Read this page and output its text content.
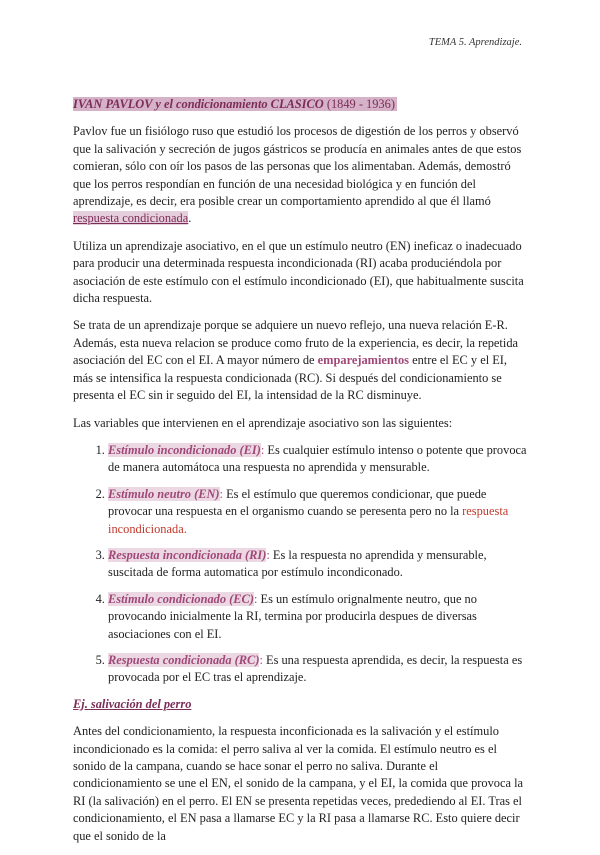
TEMA 5. Aprendizaje.
IVAN PAVLOV y el condicionamiento CLASICO (1849 - 1936)

Pavlov fue un fisiólogo ruso que estudió los procesos de digestión de los perros y observó que la salivación y secreción de jugos gástricos se producía en animales antes de que estos comieran, sólo con oír los pasos de las personas que los alimentaban. Además, demostró que los perros respondían en función de una necesidad biológica y en función del aprendizaje, es decir, era posible crear un comportamiento aprendido al que él llamó respuesta condicionada.

Utiliza un aprendizaje asociativo, en el que un estímulo neutro (EN) ineficaz o inadecuado para producir una determinada respuesta incondicionada (RI) acaba produciéndola por asociación de este estímulo con el estímulo incondicionado (EI), que habitualmente suscita dicha respuesta.

Se trata de un aprendizaje porque se adquiere un nuevo reflejo, una nueva relación E-R. Además, esta nueva relacion se produce como fruto de la experiencia, es decir, la repetida asociación del EC con el EI. A mayor número de emparejamientos entre el EC y el EI, más se intensifica la respuesta condicionada (RC). Si después del condicionamiento se presenta el EC sin ir seguido del EI, la intensidad de la RC disminuye.

Las variables que intervienen en el aprendizaje asociativo son las siguientes:

1. Estímulo incondicionado (EI): Es cualquier estímulo intenso o potente que provoca de manera automátoca una respuesta no aprendida y mensurable.
2. Estímulo neutro (EN): Es el estímulo que queremos condicionar, que puede provocar una respuesta en el organismo cuando se peresenta pero no la respuesta incondicionada.
3. Respuesta incondicionada (RI): Es la respuesta no aprendida y mensurable, suscitada de forma automatica por estímulo incondiconado.
4. Estímulo condicionado (EC): Es un estímulo orignalmente neutro, que no provocando inicialmente la RI, termina por producirla despues de diversas asociaciones con el EI.
5. Respuesta condicionada (RC): Es una respuesta aprendida, es decir, la respuesta es provocada por el EC tras el aprendizaje.
Ej. salivación del perro

Antes del condicionamiento, la respuesta inconficionada es la salivación y el estímulo incondicionado es la comida: el perro saliva al ver la comida. El estímulo neutro es el sonido de la campana, cuando se hace sonar el perro no saliva. Durante el condicionamiento se une el EN, el sonido de la campana, y el EI, la comida que provoca la RI (la salivación) en el perro. El EN se presenta repetidas veces, predediendo al EI. Tras el condicionamiento, el EN pasa a llamarse EC y la RI pasa a llamarse RC. Esto quiere decir que el sonido de la
